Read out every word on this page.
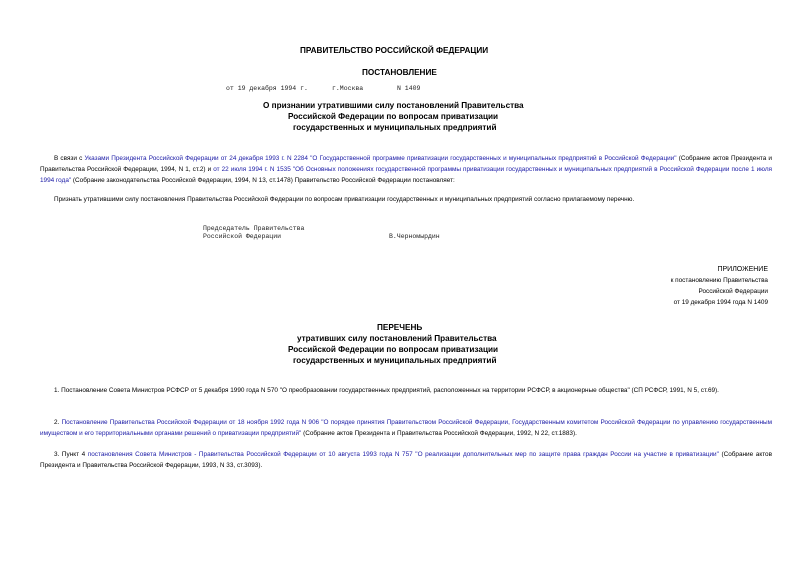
ПРАВИТЕЛЬСТВО РОССИЙСКОЙ ФЕДЕРАЦИИ
ПОСТАНОВЛЕНИЕ
от 19 декабря 1994 г.	г.Москва	N 1409
О признании утратившими силу постановлений Правительства
Российской Федерации по вопросам приватизации
государственных и муниципальных предприятий
В связи с Указами Президента Российской Федерации от 24 декабря 1993 г. N 2284 "О Государственной программе приватизации государственных и муниципальных предприятий в Российской Федерации" (Собрание актов Президента и Правительства Российской Федерации, 1994, N 1, ст.2) и от 22 июля 1994 г. N 1535 "Об Основных положениях государственной программы приватизации государственных и муниципальных предприятий в Российской Федерации после 1 июля 1994 года" (Собрание законодательства Российской Федерации, 1994, N 13, ст.1478) Правительство Российской Федерации постановляет:
Признать утратившими силу постановления Правительства Российской Федерации по вопросам приватизации государственных и муниципальных предприятий согласно прилагаемому перечню.
Председатель Правительства
Российской Федерации	В.Черномырдин
ПРИЛОЖЕНИЕ
к постановлению Правительства
Российской Федерации
от 19 декабря 1994 года N 1409
ПЕРЕЧЕНЬ
утративших силу постановлений Правительства
Российской Федерации по вопросам приватизации
государственных и муниципальных предприятий
1. Постановление Совета Министров РСФСР от 5 декабря 1990 года N 570 "О преобразовании государственных предприятий, расположенных на территории РСФСР, в акционерные общества" (СП РСФСР, 1991, N 5, ст.69).
2. Постановление Правительства Российской Федерации от 18 ноября 1992 года N 906 "О порядке принятия Правительством Российской Федерации, Государственным комитетом Российской Федерации по управлению государственным имуществом и его территориальными органами решений о приватизации предприятий" (Собрание актов Президента и Правительства Российской Федерации, 1992, N 22, ст.1883).
3. Пункт 4 постановления Совета Министров - Правительства Российской Федерации от 10 августа 1993 года N 757 "О реализации дополнительных мер по защите права граждан России на участие в приватизации" (Собрание актов Президента и Правительства Российской Федерации, 1993, N 33, ст.3093).
